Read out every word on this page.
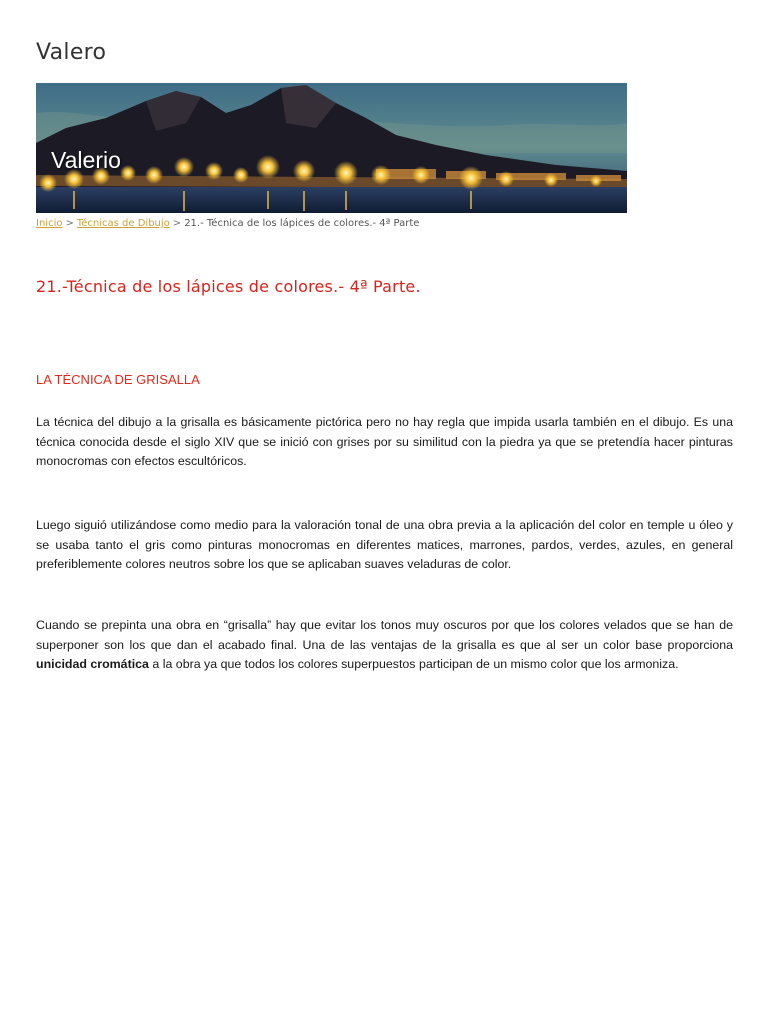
Valero
Valerio
Inicio > Técnicas de Dibujo > 21.- Técnica de los lápices de colores.- 4ª Parte
21.-Técnica de los lápices de colores.- 4ª Parte.
LA TÉCNICA DE GRISALLA

La técnica del dibujo a la grisalla es básicamente pictórica pero no hay regla que impida usarla también en el dibujo. Es una técnica conocida desde el siglo XIV que se inició con grises por su similitud con la piedra ya que se pretendía hacer pinturas monocromas con efectos escultóricos.

Luego siguió utilizándose como medio para la valoración tonal de una obra previa a la aplicación del color en temple u óleo y se usaba tanto el gris como pinturas monocromas en diferentes matices, marrones, pardos, verdes, azules, en general preferiblemente colores neutros sobre los que se aplicaban suaves veladuras de color.

Cuando se prepinta una obra en “grisalla” hay que evitar los tonos muy oscuros por que los colores velados que se han de superponer son los que dan el acabado final. Una de las ventajas de la grisalla es que al ser un color base proporciona unicidad cromática a la obra ya que todos los colores superpuestos participan de un mismo color que los armoniza.
